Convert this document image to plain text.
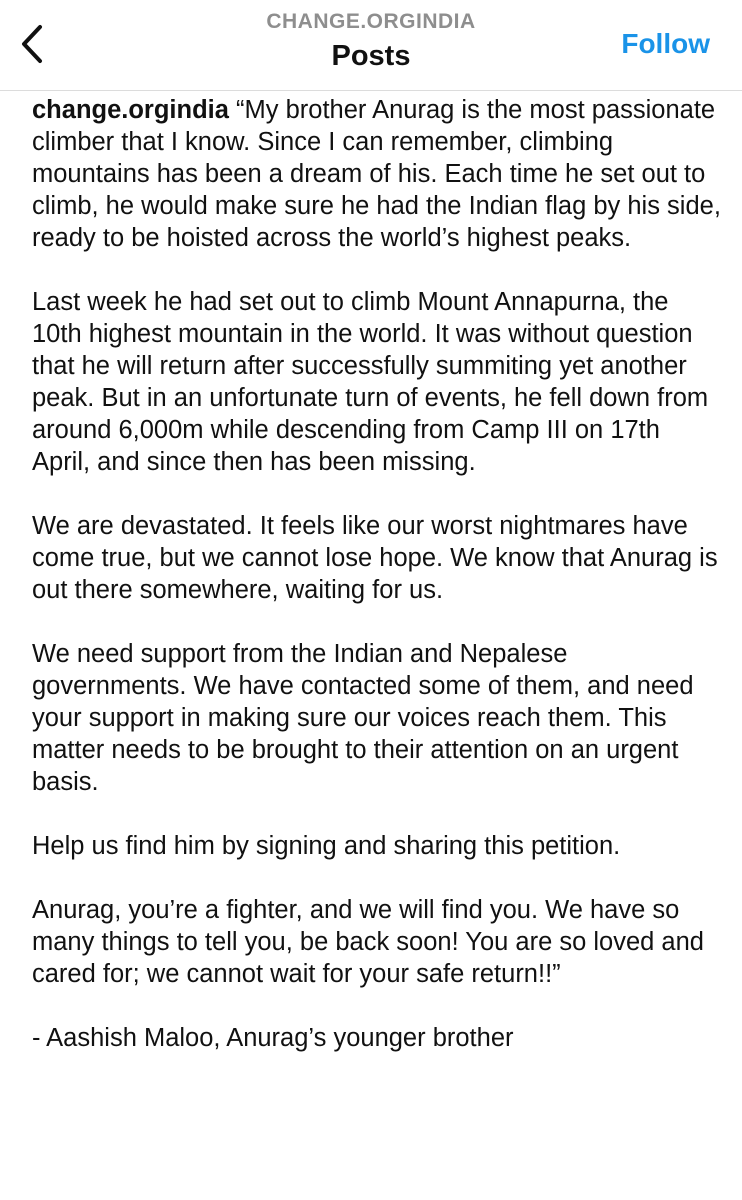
CHANGE.ORGINDIA
Posts	Follow

change.orgindia “My brother Anurag is the most passionate climber that I know. Since I can remember, climbing mountains has been a dream of his. Each time he set out to climb, he would make sure he had the Indian flag by his side, ready to be hoisted across the world’s highest peaks.

Last week he had set out to climb Mount Annapurna, the 10th highest mountain in the world. It was without question that he will return after successfully summiting yet another peak. But in an unfortunate turn of events, he fell down from around 6,000m while descending from Camp III on 17th April, and since then has been missing.

We are devastated. It feels like our worst nightmares have come true, but we cannot lose hope. We know that Anurag is out there somewhere, waiting for us.

We need support from the Indian and Nepalese governments. We have contacted some of them, and need your support in making sure our voices reach them. This matter needs to be brought to their attention on an urgent basis.

Help us find him by signing and sharing this petition.

Anurag, you’re a fighter, and we will find you. We have so many things to tell you, be back soon! You are so loved and cared for; we cannot wait for your safe return!!”

- Aashish Maloo, Anurag’s younger brother
